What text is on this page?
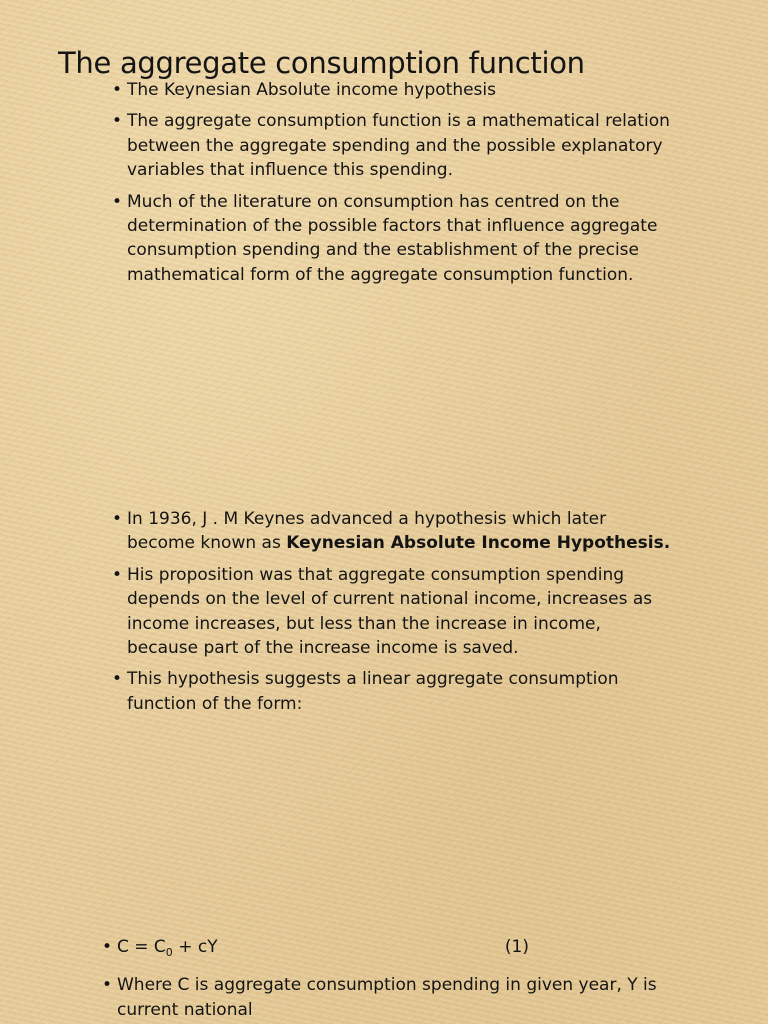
The aggregate consumption function
• The Keynesian Absolute income hypothesis
• The aggregate consumption function is a mathematical relation between the aggregate spending and the possible explanatory variables that influence this spending.
• Much of the literature on consumption has centred on the determination of the possible factors that influence aggregate consumption spending and the establishment of the precise mathematical form of the aggregate consumption function.
• In 1936, J . M Keynes advanced a hypothesis which later become known as Keynesian Absolute Income Hypothesis.
• His proposition was that aggregate consumption spending depends on the level of current national income, increases as income increases, but less than the increase in income, because part of the increase income is saved.
• This hypothesis suggests a linear aggregate consumption function of the form:
• $C = C_0$ + cY	(1)
• Where C is aggregate consumption spending in given year, Y is current national
